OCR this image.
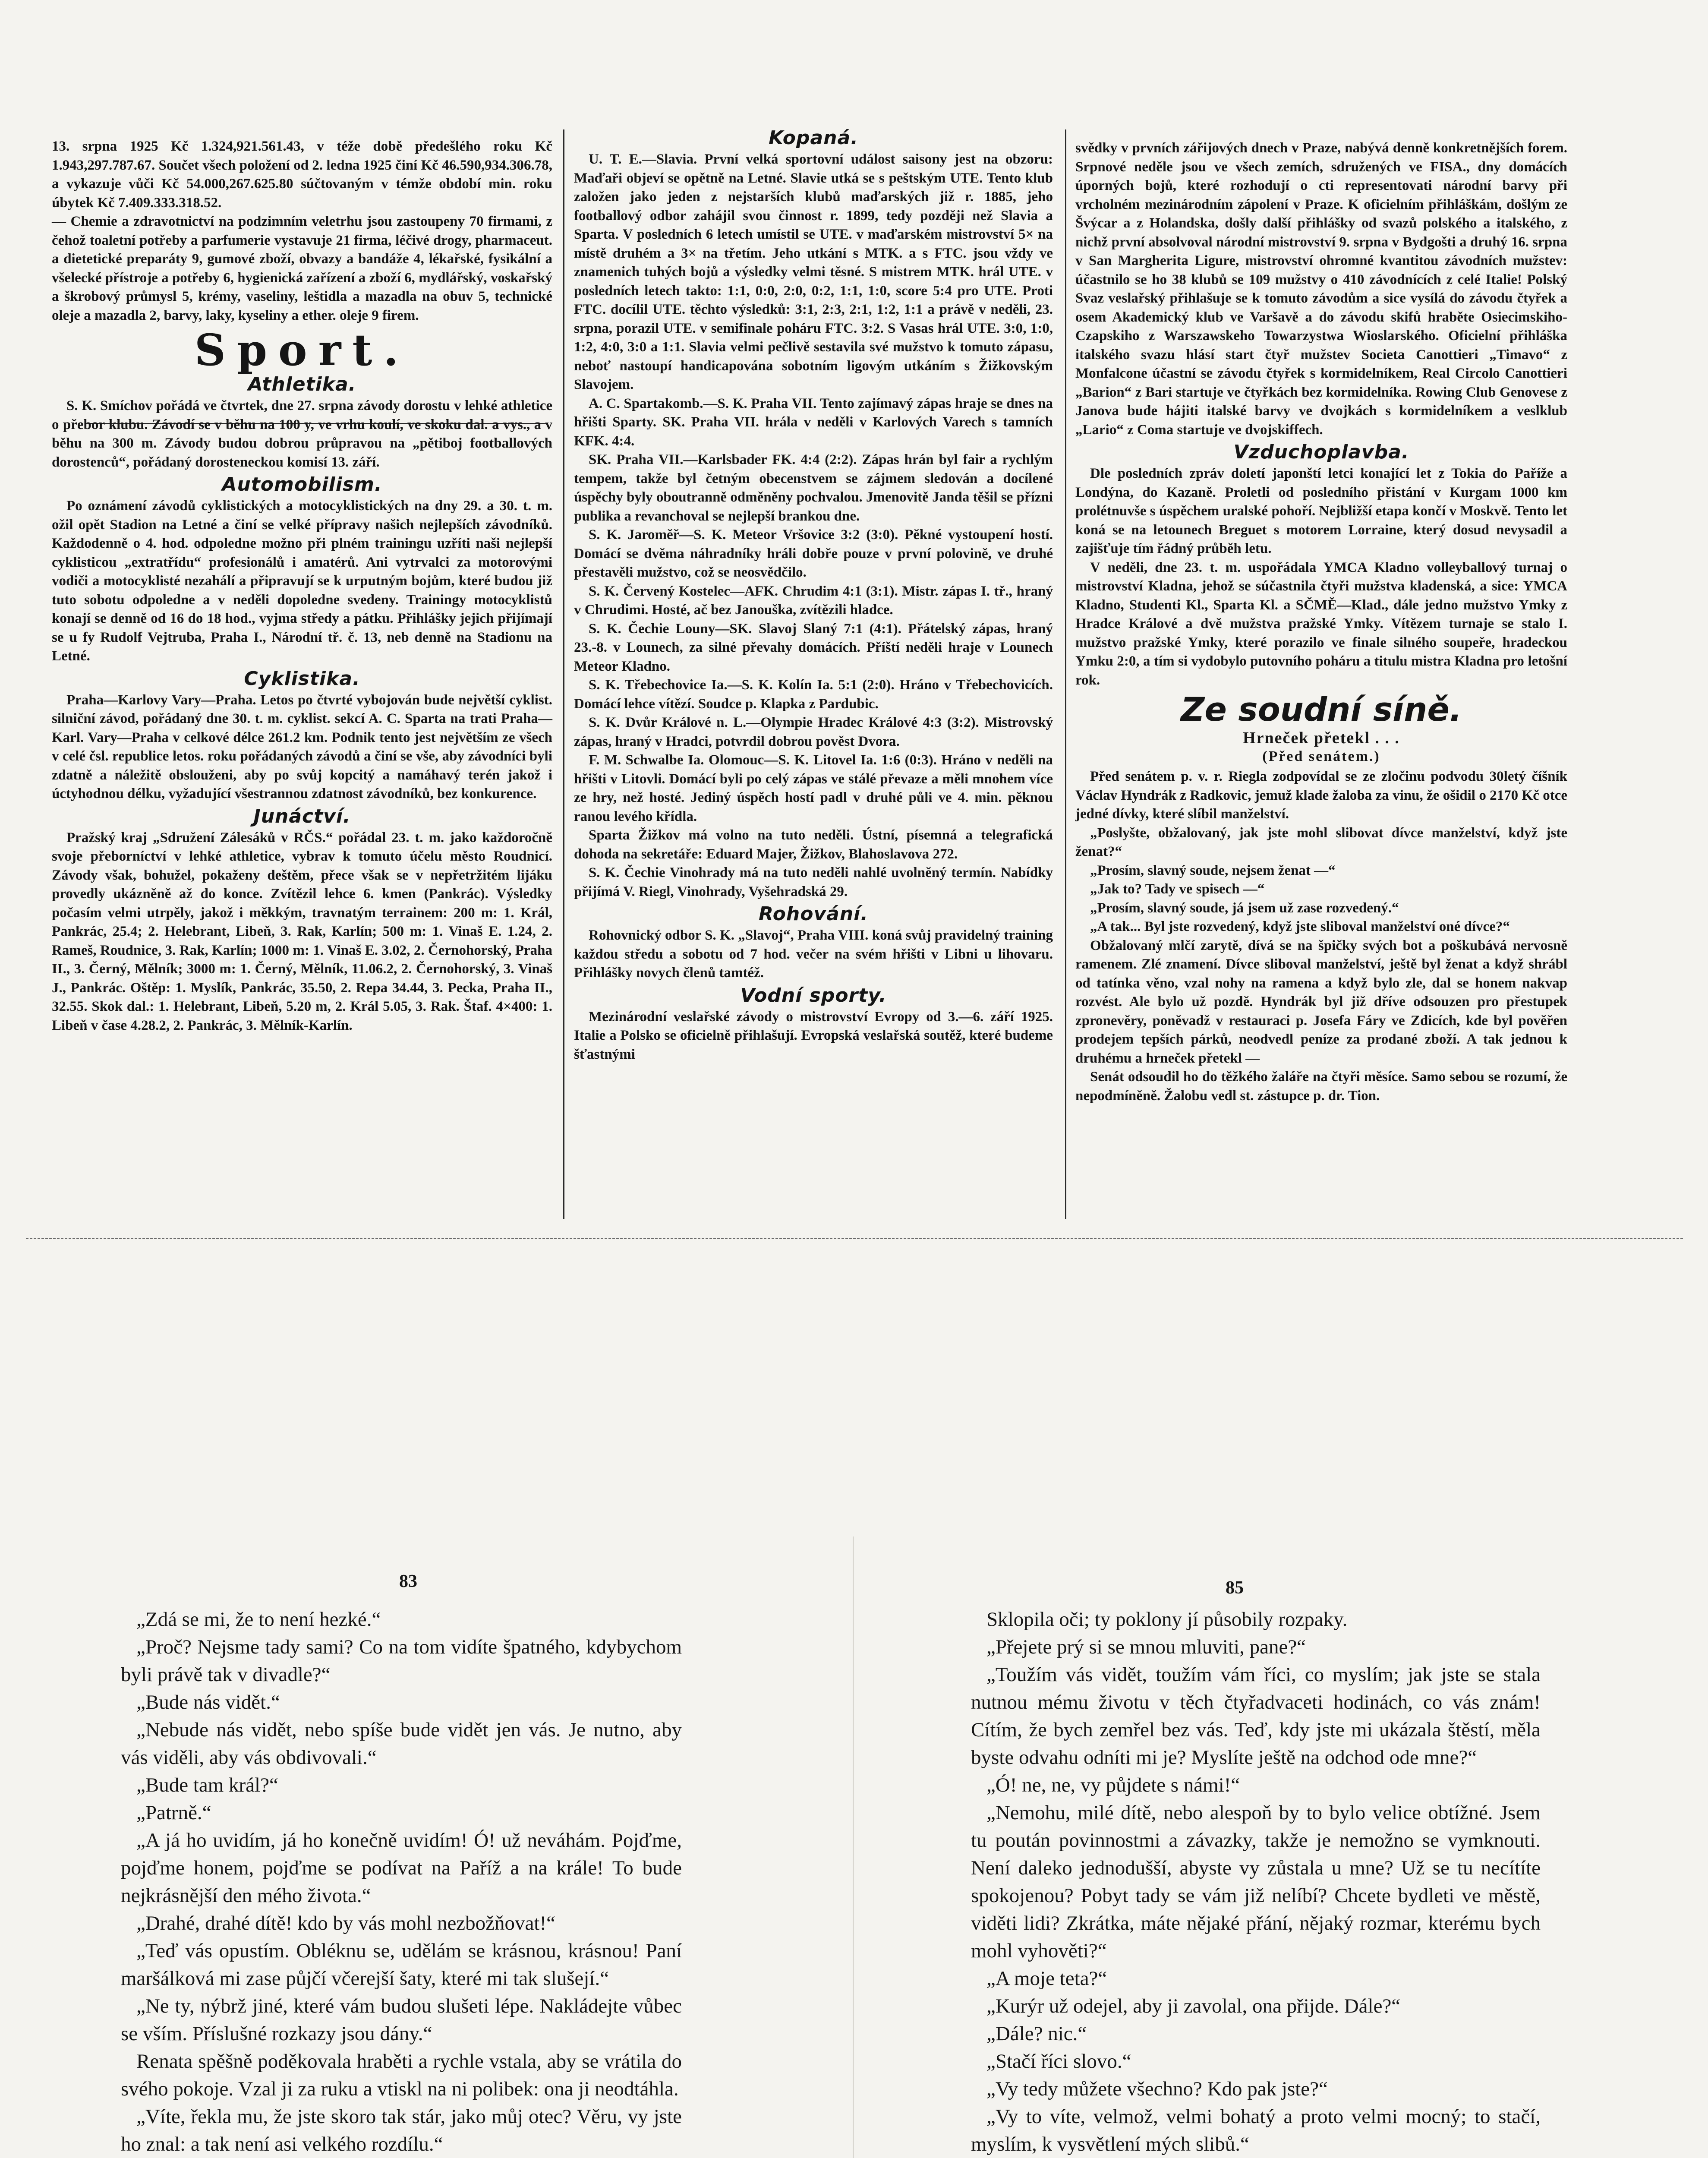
13. srpna 1925 Kč 1.324,921.561.43, v téže době předešlého roku Kč 1.943,297.787.67. Součet všech položení od 2. ledna 1925 činí Kč 46.590,934.306.78, a vykazuje vůči Kč 54.000,267.625.80 súčtovaným v témže období min. roku úbytek Kč 7.409.333.318.52.

— Chemie a zdravotnictví na podzimním veletrhu jsou zastoupeny 70 firmami, z čehož toaletní potřeby a parfumerie vystavuje 21 firma, léčivé drogy, pharmaceut. a dietetické preparáty 9, gumové zboží, obvazy a bandáže 4, lékařské, fysikální a všelecké přístroje a potřeby 6, hygienická zařízení a zboží 6, mydlářský, voskařský a škrobový průmysl 5, krémy, vaseliny, leštidla a mazadla na obuv 5, technické oleje a mazadla 2, barvy, laky, kyseliny a ether. oleje 9 firem.

Sport.
Athletika.

S. K. Smíchov pořádá ve čtvrtek, dne 27. srpna závody dorostu v lehké athletice o přebor klubu. Závodí se v běhu na 100 y, ve vrhu koulí, ve skoku dal. a vys., a v běhu na 300 m. Závody budou dobrou průpravou na „pětiboj footballových dorostenců“, pořádaný dorosteneckou komisí 13. září.

Automobilism.

Po oznámení závodů cyklistických a motocyklistických na dny 29. a 30. t. m. ožil opět Stadion na Letné a činí se velké přípravy našich nejlepších závodníků. Každodenně o 4. hod. odpoledne možno při plném trainingu uzříti naši nejlepší cyklisticou „extratřídu“ profesionálů i amatérů. Ani vytrvalci za motorovými vodiči a motocyklisté nezahálí a připravují se k urputným bojům, které budou již tuto sobotu odpoledne a v neděli dopoledne svedeny. Trainingy motocyklistů konají se denně od 16 do 18 hod., vyjma středy a pátku. Přihlášky jejich přijímají se u fy Rudolf Vejtruba, Praha I., Národní tř. č. 13, neb denně na Stadionu na Letné.

Cyklistika.

Praha—Karlovy Vary—Praha. Letos po čtvrté vybojován bude největší cyklist. silniční závod, pořádaný dne 30. t. m. cyklist. sekcí A. C. Sparta na trati Praha—Karl. Vary—Praha v celkové délce 261.2 km. Podnik tento jest největším ze všech v celé čsl. republice letos. roku pořádaných závodů a činí se vše, aby závodníci byli zdatně a náležitě obslouženi, aby po svůj kopcitý a namáhavý terén jakož i úctyhodnou délku, vyžadující všestrannou zdatnost závodníků, bez konkurence.

Junáctví.

Pražský kraj „Sdružení Zálesáků v RČS.“ pořádal 23. t. m. jako každoročně svoje přeborníctví v lehké athletice, vybrav k tomuto účelu město Roudnicí. Závody však, bohužel, pokaženy deštěm, přece však se v nepřetržitém lijáku provedly ukázněně až do konce. Zvítězil lehce 6. kmen (Pankrác). Výsledky počasím velmi utrpěly, jakož i měkkým, travnatým terrainem: 200 m: 1. Král, Pankrác, 25.4; 2. Helebrant, Libeň, 3. Rak, Karlín; 500 m: 1. Vinaš E. 1.24, 2. Rameš, Roudnice, 3. Rak, Karlín; 1000 m: 1. Vinaš E. 3.02, 2. Černohorský, Praha II., 3. Černý, Mělník; 3000 m: 1. Černý, Mělník, 11.06.2, 2. Černohorský, 3. Vinaš J., Pankrác. Oštěp: 1. Myslík, Pankrác, 35.50, 2. Repa 34.44, 3. Pecka, Praha II., 32.55. Skok dal.: 1. Helebrant, Libeň, 5.20 m, 2. Král 5.05, 3. Rak. Štaf. 4×400: 1. Libeň v čase 4.28.2, 2. Pankrác, 3. Mělník-Karlín.

Kopaná.

U. T. E.—Slavia. První velká sportovní událost saisony jest na obzoru: Maďaři objeví se opětně na Letné. Slavie utká se s peštským UTE. Tento klub založen jako jeden z nejstarších klubů maďarských již r. 1885, jeho footballový odbor zahájil svou činnost r. 1899, tedy později než Slavia a Sparta. V posledních 6 letech umístil se UTE. v maďarském mistrovství 5× na místě druhém a 3× na třetím. Jeho utkání s MTK. a s FTC. jsou vždy ve znamenich tuhých bojů a výsledky velmi těsné. S mistrem MTK. hrál UTE. v posledních letech takto: 1:1, 0:0, 2:0, 0:2, 1:1, 1:0, score 5:4 pro UTE. Proti FTC. docílil UTE. těchto výsledků: 3:1, 2:3, 2:1, 1:2, 1:1 a právě v neděli, 23. srpna, porazil UTE. v semifinale poháru FTC. 3:2. S Vasas hrál UTE. 3:0, 1:0, 1:2, 4:0, 3:0 a 1:1. Slavia velmi pečlivě sestavila své mužstvo k tomuto zápasu, neboť nastoupí handicapována sobotním ligovým utkáním s Žižkovským Slavojem.

A. C. Spartakomb.—S. K. Praha VII. Tento zajímavý zápas hraje se dnes na hřišti Sparty. SK. Praha VII. hrála v neděli v Karlových Varech s tamních KFK. 4:4.

SK. Praha VII.—Karlsbader FK. 4:4 (2:2). Zápas hrán byl fair a rychlým tempem, takže byl četným obecenstvem se zájmem sledován a docílené úspěchy byly oboutranně odměněny pochvalou. Jmenovitě Janda těšil se přízni publika a revanchoval se nejlepší brankou dne.

S. K. Jaroměř—S. K. Meteor Vršovice 3:2 (3:0). Pěkné vystoupení hostí. Domácí se dvěma náhradníky hráli dobře pouze v první polovině, ve druhé přestavěli mužstvo, což se neosvědčilo.

S. K. Červený Kostelec—AFK. Chrudim 4:1 (3:1). Mistr. zápas I. tř., hraný v Chrudimi. Hosté, ač bez Janouška, zvítězili hladce.

S. K. Čechie Louny—SK. Slavoj Slaný 7:1 (4:1). Přátelský zápas, hraný 23.-8. v Lounech, za silné převahy domácích. Příští neděli hraje v Lounech Meteor Kladno.

S. K. Třebechovice Ia.—S. K. Kolín Ia. 5:1 (2:0). Hráno v Třebechovicích. Domácí lehce vítězí. Soudce p. Klapka z Pardubic.

S. K. Dvůr Králové n. L.—Olympie Hradec Králové 4:3 (3:2). Mistrovský zápas, hraný v Hradci, potvrdil dobrou pověst Dvora.

F. M. Schwalbe Ia. Olomouc—S. K. Litovel Ia. 1:6 (0:3). Hráno v neděli na hřišti v Litovli. Domácí byli po celý zápas ve stálé převaze a měli mnohem více ze hry, než hosté. Jediný úspěch hostí padl v druhé půli ve 4. min. pěknou ranou levého křídla.

Sparta Žižkov má volno na tuto neděli. Ústní, písemná a telegrafická dohoda na sekretáře: Eduard Majer, Žižkov, Blahoslavova 272.

S. K. Čechie Vinohrady má na tuto neděli nahlé uvolněný termín. Nabídky přijímá V. Riegl, Vinohrady, Vyšehradská 29.

Rohování.

Rohovnický odbor S. K. „Slavoj“, Praha VIII. koná svůj pravidelný training každou středu a sobotu od 7 hod. večer na svém hřišti v Libni u lihovaru. Přihlášky novych členů tamtéž.

Vodní sporty.

Mezinárodní veslařské závody o mistrovství Evropy od 3.—6. září 1925. Italie a Polsko se oficielně přihlašují. Evropská veslařská soutěž, které budeme šťastnými

svědky v prvních zářijových dnech v Praze, nabývá denně konkretnějších forem. Srpnové neděle jsou ve všech zemích, sdružených ve FISA., dny domácích úporných bojů, které rozhodují o cti representovati národní barvy při vrcholném mezinárodním zápolení v Praze. K oficielním přihláškám, došlým ze Švýcar a z Holandska, došly další přihlášky od svazů polského a italského, z nichž první absolvoval národní mistrovství 9. srpna v Bydgošti a druhý 16. srpna v San Margherita Ligure, mistrovství ohromné kvantitou závodních mužstev: účastnilo se ho 38 klubů se 109 mužstvy o 410 závodnících z celé Italie! Polský Svaz veslařský přihlašuje se k tomuto závodům a sice vysílá do závodu čtyřek a osem Akademický klub ve Varšavě a do závodu skifů hraběte Osiecimskiho-Czapskiho z Warszawskeho Towarzystwa Wioslarského. Oficielní přihláška italského svazu hlásí start čtyř mužstev Societa Canottieri „Timavo“ z Monfalcone účastní se závodu čtyřek s kormidelníkem, Real Circolo Canottieri „Barion“ z Bari startuje ve čtyřkách bez kormidelníka. Rowing Club Genovese z Janova bude hájiti italské barvy ve dvojkách s kormidelníkem a veslklub „Lario“ z Coma startuje ve dvojskiffech.

Vzduchoplavba.

Dle posledních zpráv doletí japonští letci konající let z Tokia do Paříže a Londýna, do Kazaně. Proletli od posledního přistání v Kurgam 1000 km prolétnuvše s úspěchem uralské pohoří. Nejbližší etapa končí v Moskvě. Tento let koná se na letounech Breguet s motorem Lorraine, který dosud nevysadil a zajišťuje tím řádný průběh letu.

V neděli, dne 23. t. m. uspořádala YMCA Kladno volleyballový turnaj o mistrovství Kladna, jehož se súčastnila čtyři mužstva kladenská, a sice: YMCA Kladno, Studenti Kl., Sparta Kl. a SČMĚ—Klad., dále jedno mužstvo Ymky z Hradce Králové a dvě mužstva pražské Ymky. Vítězem turnaje se stalo I. mužstvo pražské Ymky, které porazilo ve finale silného soupeře, hradeckou Ymku 2:0, a tím si vydobylo putovního poháru a titulu mistra Kladna pro letošní rok.

Ze soudní síně.
Hrneček přetekl . . .
(Před senátem.)

Před senátem p. v. r. Riegla zodpovídal se ze zločinu podvodu 30letý číšník Václav Hyndrák z Radkovic, jemuž klade žaloba za vinu, že ošidil o 2170 Kč otce jedné dívky, které slíbil manželství.

„Poslyšte, obžalovaný, jak jste mohl slibovat dívce manželství, když jste ženat?“

„Prosím, slavný soude, nejsem ženat —“

„Jak to? Tady ve spisech —“

„Prosím, slavný soude, já jsem už zase rozvedený.“

„A tak... Byl jste rozvedený, když jste sliboval manželství oné dívce?“

Obžalovaný mlčí zarytě, dívá se na špičky svých bot a poškubává nervosně ramenem. Zlé znamení. Dívce sliboval manželství, ještě byl ženat a když shrábl od tatínka věno, vzal nohy na ramena a když bylo zle, dal se honem nakvap rozvést. Ale bylo už pozdě. Hyndrák byl již dříve odsouzen pro přestupek zpronevěry, poněvadž v restauraci p. Josefa Fáry ve Zdicích, kde byl pověřen prodejem tepších párků, neodvedl peníze za prodané zboží. A tak jednou k druhému a hrneček přetekl —

Senát odsoudil ho do těžkého žaláře na čtyři měsíce. Samo sebou se rozumí, že nepodmíněně. Žalobu vedl st. zástupce p. dr. Tion.

83	85

„Zdá se mi, že to není hezké.“

„Proč? Nejsme tady sami? Co na tom vidíte špatného, kdybychom byli právě tak v divadle?“

„Bude nás vidět.“

„Nebude nás vidět, nebo spíše bude vidět jen vás. Je nutno, aby vás viděli, aby vás obdivovali.“

„Bude tam král?“

„Patrně.“

„A já ho uvidím, já ho konečně uvidím! Ó! už neváhám. Pojďme, pojďme honem, pojďme se podívat na Paříž a na krále! To bude nejkrásnější den mého života.“

„Drahé, drahé dítě! kdo by vás mohl nezbožňovat!“

„Teď vás opustím. Obléknu se, udělám se krásnou, krásnou! Paní maršálková mi zase půjčí včerejší šaty, které mi tak slušejí.“

„Ne ty, nýbrž jiné, které vám budou slušeti lépe. Nakládejte vůbec se vším. Příslušné rozkazy jsou dány.“

Renata spěšně poděkovala hraběti a rychle vstala, aby se vrátila do svého pokoje. Vzal ji za ruku a vtiskl na ni polibek: ona ji neodtáhla.

„Víte, řekla mu, že jste skoro tak stár, jako můj otec? Věru, vy jste ho znal: a tak není asi velkého rozdílu.“

Sklopila oči; ty poklony jí působily rozpaky.

„Přejete prý si se mnou mluviti, pane?“

„Toužím vás vidět, toužím vám říci, co myslím; jak jste se stala nutnou mému životu v těch čtyřadvaceti hodinách, co vás znám! Cítím, že bych zemřel bez vás. Teď, kdy jste mi ukázala štěstí, měla byste odvahu odníti mi je? Myslíte ještě na odchod ode mne?“

„Ó! ne, ne, vy půjdete s námi!“

„Nemohu, milé dítě, nebo alespoň by to bylo velice obtížné. Jsem tu poután povinnostmi a závazky, takže je nemožno se vymknouti. Není daleko jednodušší, abyste vy zůstala u mne? Už se tu necítíte spokojenou? Pobyt tady se vám již nelíbí? Chcete bydleti ve městě, viděti lidi? Zkrátka, máte nějaké přání, nějaký rozmar, kterému bych mohl vyhověti?“

„A moje teta?“

„Kurýr už odejel, aby ji zavolal, ona přijde. Dále?“

„Dále? nic.“

„Stačí říci slovo.“

„Vy tedy můžete všechno? Kdo pak jste?“

„Vy to víte, velmož, velmi bohatý a proto velmi mocný; to stačí, myslím, k vysvětlení mých slibů.“
